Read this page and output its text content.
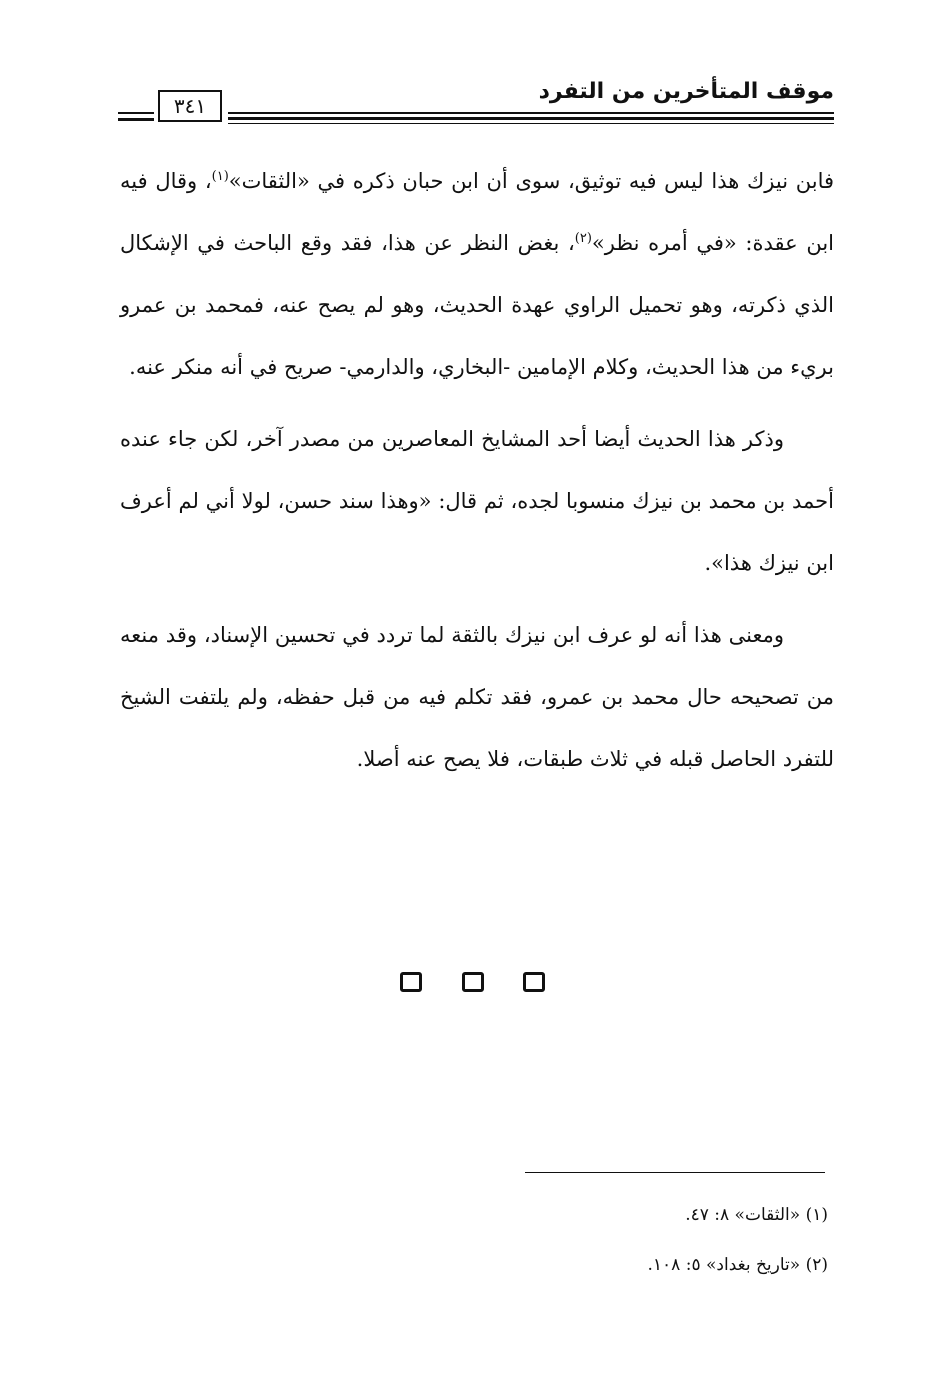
٣٤١
موقف المتأخرين من التفرد

فابن نيزك هذا ليس فيه توثيق، سوى أن ابن حبان ذكره في «الثقات»$^{(١)}$، وقال فيه ابن عقدة: «في أمره نظر»$^{(٢)}$، بغض النظر عن هذا، فقد وقع الباحث في الإشكال الذي ذكرته، وهو تحميل الراوي عهدة الحديث، وهو لم يصح عنه، فمحمد بن عمرو بريء من هذا الحديث، وكلام الإمامين -البخاري، والدارمي- صريح في أنه منكر عنه.

وذكر هذا الحديث أيضا أحد المشايخ المعاصرين من مصدر آخر، لكن جاء عنده أحمد بن محمد بن نيزك منسوبا لجده، ثم قال: «وهذا سند حسن، لولا أني لم أعرف ابن نيزك هذا».

ومعنى هذا أنه لو عرف ابن نيزك بالثقة لما تردد في تحسين الإسناد، وقد منعه من تصحيحه حال محمد بن عمرو، فقد تكلم فيه من قبل حفظه، ولم يلتفت الشيخ للتفرد الحاصل قبله في ثلاث طبقات، فلا يصح عنه أصلا.

(١) «الثقات» ٨: ٤٧.

(٢) «تاريخ بغداد» ٥: ١٠٨.
